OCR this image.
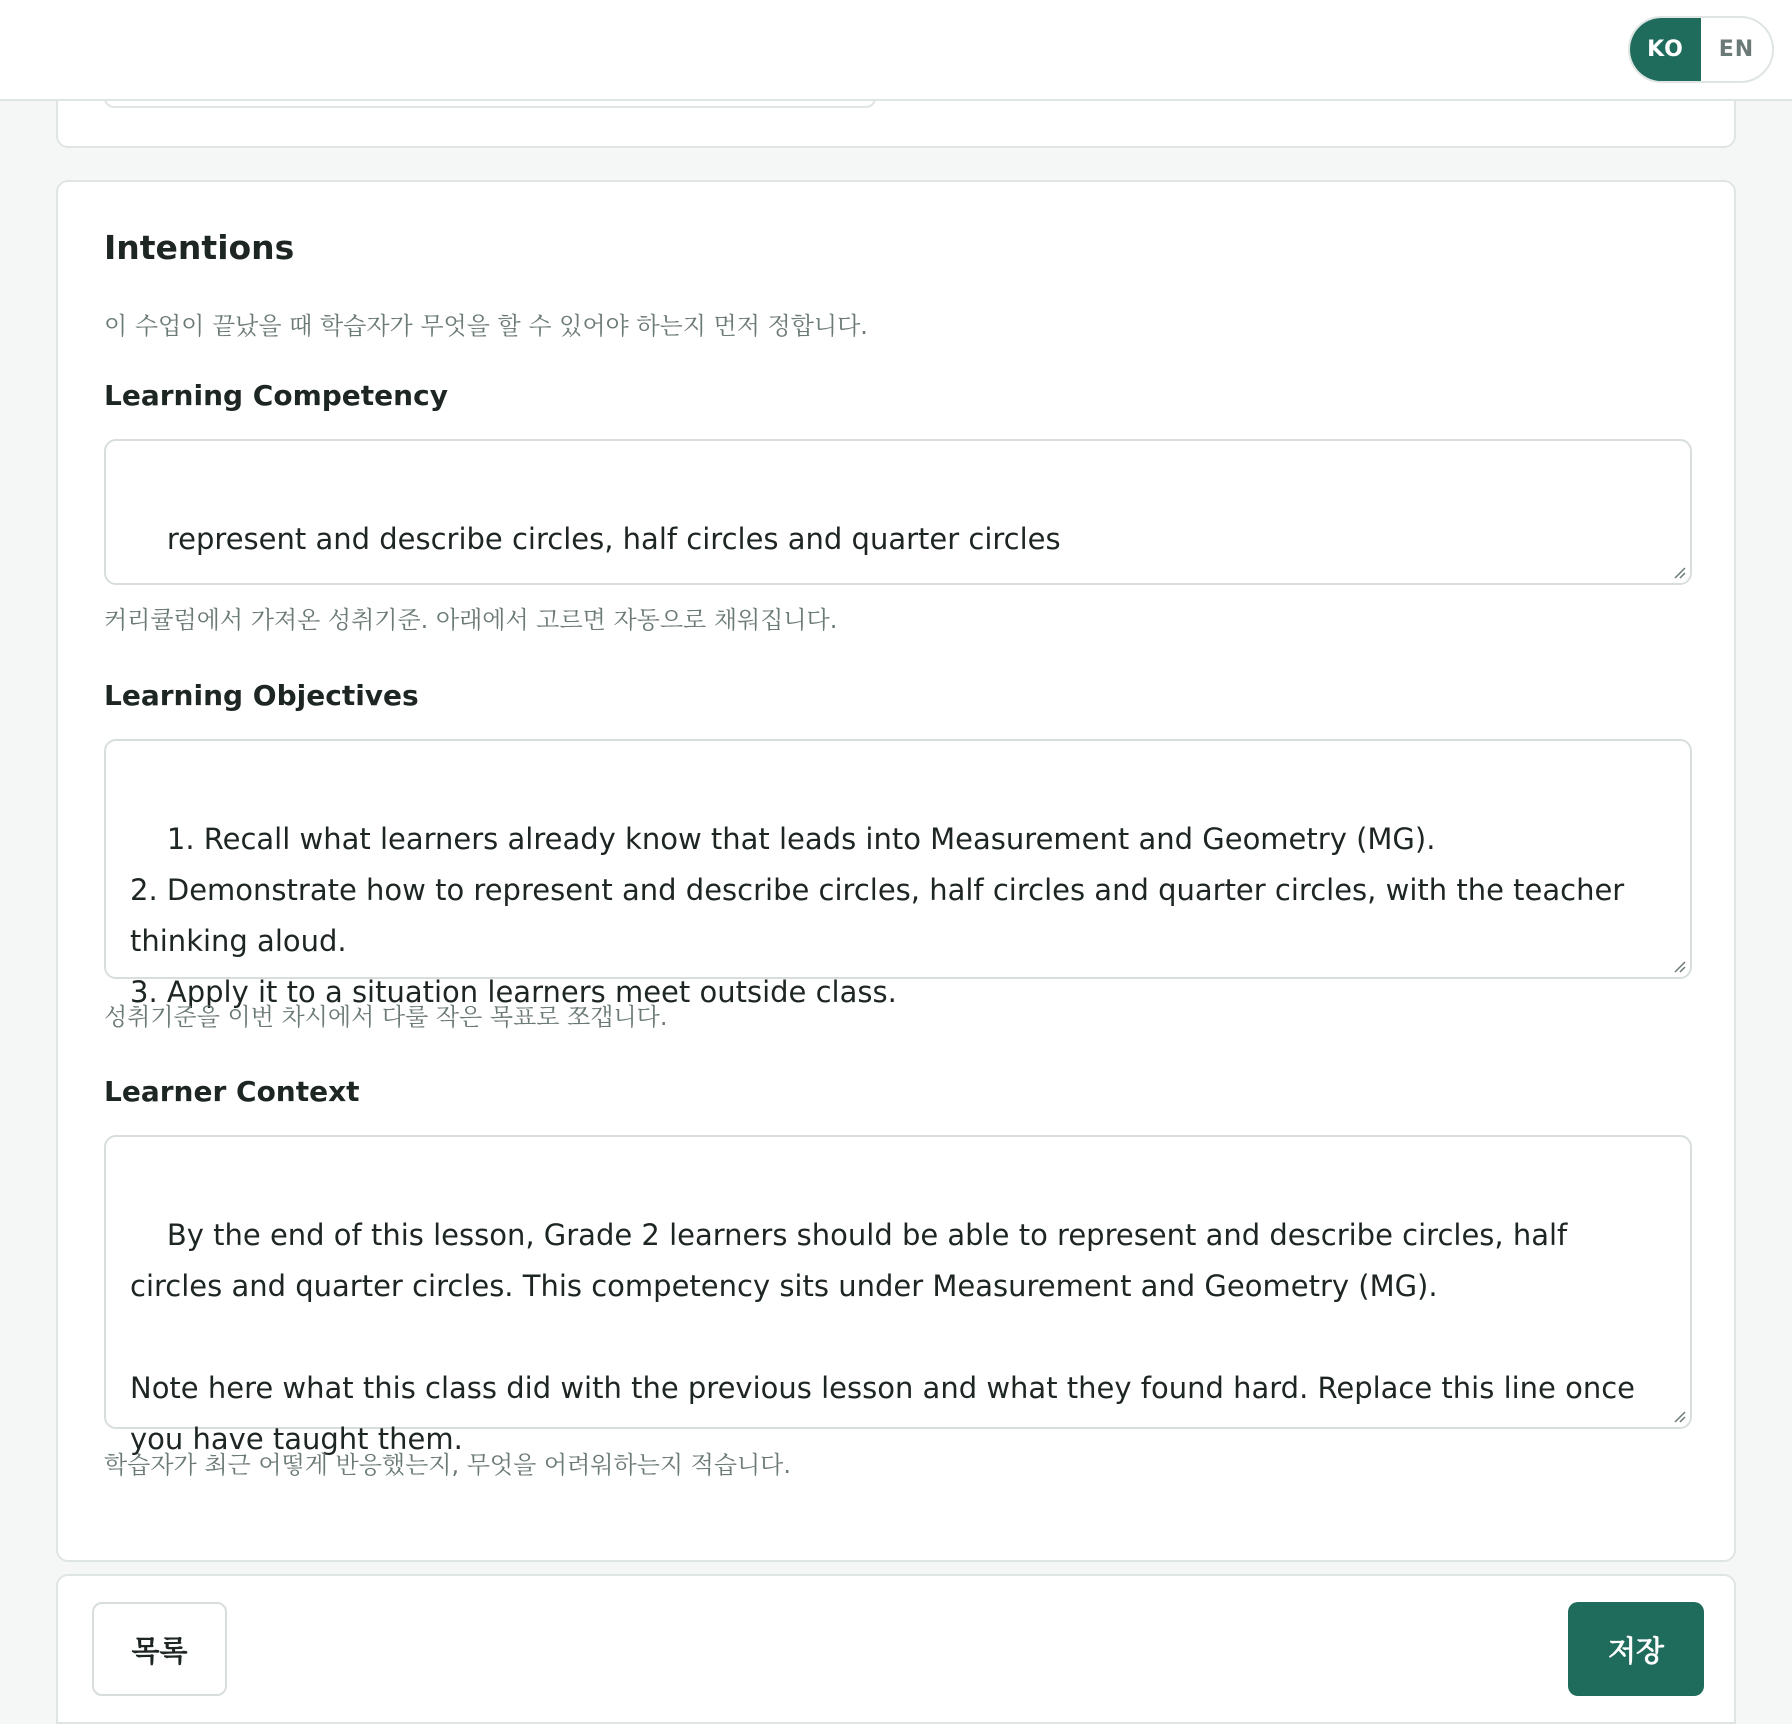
KO	EN
Intentions
이 수업이 끝났을 때 학습자가 무엇을 할 수 있어야 하는지 먼저 정합니다.
Learning Competency

represent and describe circles, half circles and quarter circles

커리큘럼에서 가져온 성취기준. 아래에서 고르면 자동으로 채워집니다.
Learning Objectives

1. Recall what learners already know that leads into Measurement and Geometry (MG).
2. Demonstrate how to represent and describe circles, half circles and quarter circles, with the teacher thinking aloud.
3. Apply it to a situation learners meet outside class.

성취기준을 이번 차시에서 다룰 작은 목표로 쪼갭니다.
Learner Context

By the end of this lesson, Grade 2 learners should be able to represent and describe circles, half circles and quarter circles. This competency sits under Measurement and Geometry (MG).

Note here what this class did with the previous lesson and what they found hard. Replace this line once you have taught them.

학습자가 최근 어떻게 반응했는지, 무엇을 어려워하는지 적습니다.
목록	저장
